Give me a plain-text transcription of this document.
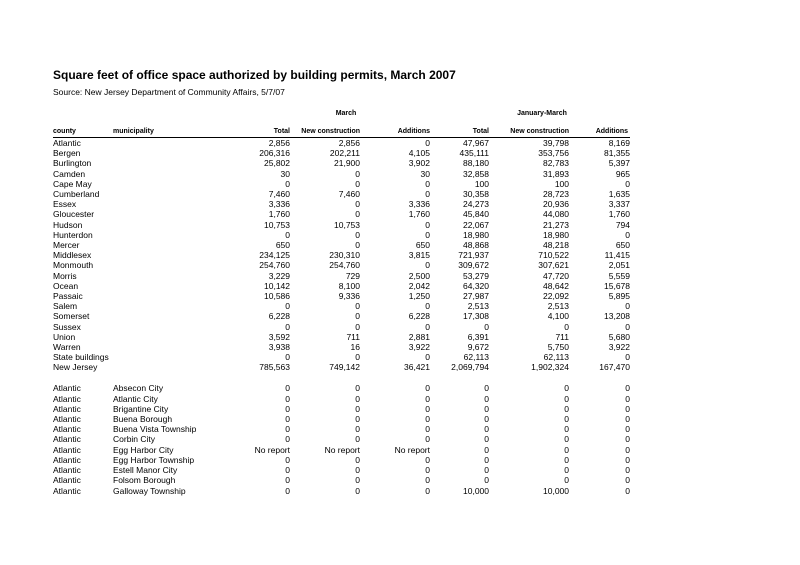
Square feet of office space authorized by building permits, March 2007
Source: New Jersey Department of Community Affairs, 5/7/07
March	January-March
county	municipality	Total	New construction	Additions	Total	New construction	Additions
Atlantic		2,856	2,856	0	47,967	39,798	8,169
Bergen		206,316	202,211	4,105	435,111	353,756	81,355
Burlington		25,802	21,900	3,902	88,180	82,783	5,397
Camden		30	0	30	32,858	31,893	965
Cape May		0	0	0	100	100	0
Cumberland		7,460	7,460	0	30,358	28,723	1,635
Essex		3,336	0	3,336	24,273	20,936	3,337
Gloucester		1,760	0	1,760	45,840	44,080	1,760
Hudson		10,753	10,753	0	22,067	21,273	794
Hunterdon		0	0	0	18,980	18,980	0
Mercer		650	0	650	48,868	48,218	650
Middlesex		234,125	230,310	3,815	721,937	710,522	11,415
Monmouth		254,760	254,760	0	309,672	307,621	2,051
Morris		3,229	729	2,500	53,279	47,720	5,559
Ocean		10,142	8,100	2,042	64,320	48,642	15,678
Passaic		10,586	9,336	1,250	27,987	22,092	5,895
Salem		0	0	0	2,513	2,513	0
Somerset		6,228	0	6,228	17,308	4,100	13,208
Sussex		0	0	0	0	0	0
Union		3,592	711	2,881	6,391	711	5,680
Warren		3,938	16	3,922	9,672	5,750	3,922
State buildings		0	0	0	62,113	62,113	0
New Jersey		785,563	749,142	36,421	2,069,794	1,902,324	167,470

Atlantic	Absecon City	0	0	0	0	0	0
Atlantic	Atlantic City	0	0	0	0	0	0
Atlantic	Brigantine City	0	0	0	0	0	0
Atlantic	Buena Borough	0	0	0	0	0	0
Atlantic	Buena Vista Township	0	0	0	0	0	0
Atlantic	Corbin City	0	0	0	0	0	0
Atlantic	Egg Harbor City	No report	No report	No report	0	0	0
Atlantic	Egg Harbor Township	0	0	0	0	0	0
Atlantic	Estell Manor City	0	0	0	0	0	0
Atlantic	Folsom Borough	0	0	0	0	0	0
Atlantic	Galloway Township	0	0	0	10,000	10,000	0
